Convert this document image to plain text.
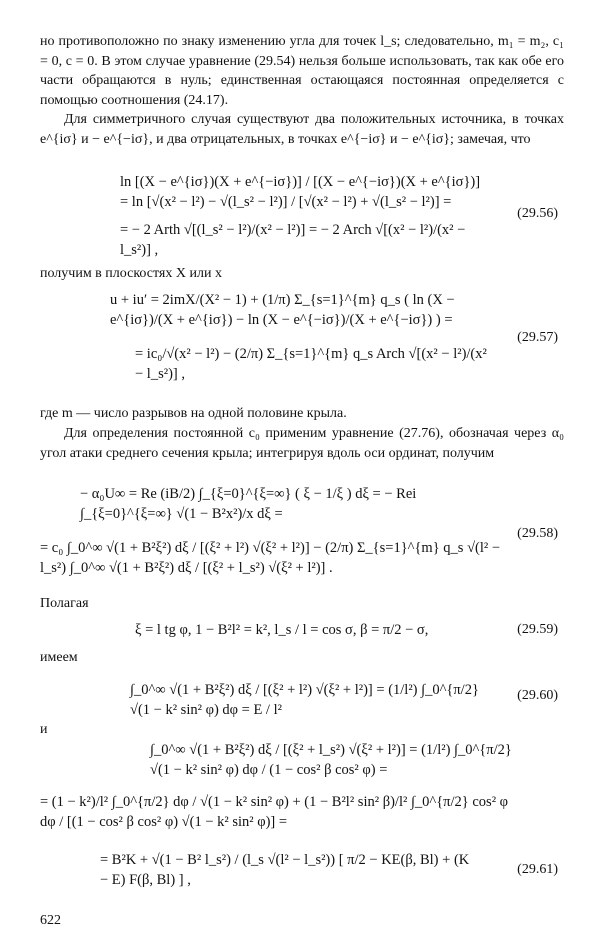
но противоположно по знаку изменению угла для точек l_s; следовательно, m₁ = m₂, c₁ = 0, c = 0. В этом случае уравнение (29.54) нельзя больше использовать, так как обе его части обращаются в нуль; единственная остающаяся постоянная определяется с помощью соотношения (24.17).

Для симметричного случая существуют два положительных источника, в точках e^{iσ} и − e^{−iσ}, и два отрицательных, в точках e^{−iσ} и − e^{iσ}; замечая, что

ln [(X − e^{iσ})(X + e^{−iσ})] / [(X − e^{−iσ})(X + e^{iσ})] = ln [√(x² − l²) − √(l_s² − l²)] / [√(x² − l²) + √(l_s² − l²)] =
= − 2 Arth √[(l_s² − l²)/(x² − l²)] = − 2 Arch √[(x² − l²)/(x² − l_s²)] ,
(29.56)

получим в плоскостях X или x

u + iu′ = 2imX/(X² − 1) + (1/π) Σ_{s=1}^{m} q_s ( ln (X − e^{iσ})/(X + e^{iσ}) − ln (X − e^{−iσ})/(X + e^{−iσ}) ) =
= ic₀/√(x² − l²) − (2/π) Σ_{s=1}^{m} q_s Arch √[(x² − l²)/(x² − l_s²)] ,
(29.57)

где m — число разрывов на одной половине крыла.

Для определения постоянной c₀ применим уравнение (27.76), обозначая через α₀ угол атаки среднего сечения крыла; интегрируя вдоль оси ординат, получим

− α₀U∞ = Re (iB/2) ∫_{ξ=0}^{ξ=∞} ( ξ − 1/ξ ) dξ = − Rei ∫_{ξ=0}^{ξ=∞} √(1 − B²x²)/x dξ =
= c₀ ∫_0^∞ √(1 + B²ξ²) dξ / [(ξ² + l²) √(ξ² + l²)] − (2/π) Σ_{s=1}^{m} q_s √(l² − l_s²) ∫_0^∞ √(1 + B²ξ²) dξ / [(ξ² + l_s²) √(ξ² + l²)] .
(29.58)
Полагая
ξ = l tg φ, 1 − B²l² = k², l_s / l = cos σ, β = π/2 − σ,	(29.59)
имеем
∫_0^∞ √(1 + B²ξ²) dξ / [(ξ² + l²) √(ξ² + l²)] = (1/l²) ∫_0^{π/2} √(1 − k² sin² φ) dφ = E / l²
(29.60)
и
∫_0^∞ √(1 + B²ξ²) dξ / [(ξ² + l_s²) √(ξ² + l²)] = (1/l²) ∫_0^{π/2} √(1 − k² sin² φ) dφ / (1 − cos² β cos² φ) =
= (1 − k²)/l² ∫_0^{π/2} dφ / √(1 − k² sin² φ) + (1 − B²l² sin² β)/l² ∫_0^{π/2} cos² φ dφ / [(1 − cos² β cos² φ) √(1 − k² sin² φ)] =
= B²K + √(1 − B² l_s²) / (l_s √(l² − l_s²)) [ π/2 − KE(β, Bl) + (K − E) F(β, Bl) ] ,
(29.61)
622
